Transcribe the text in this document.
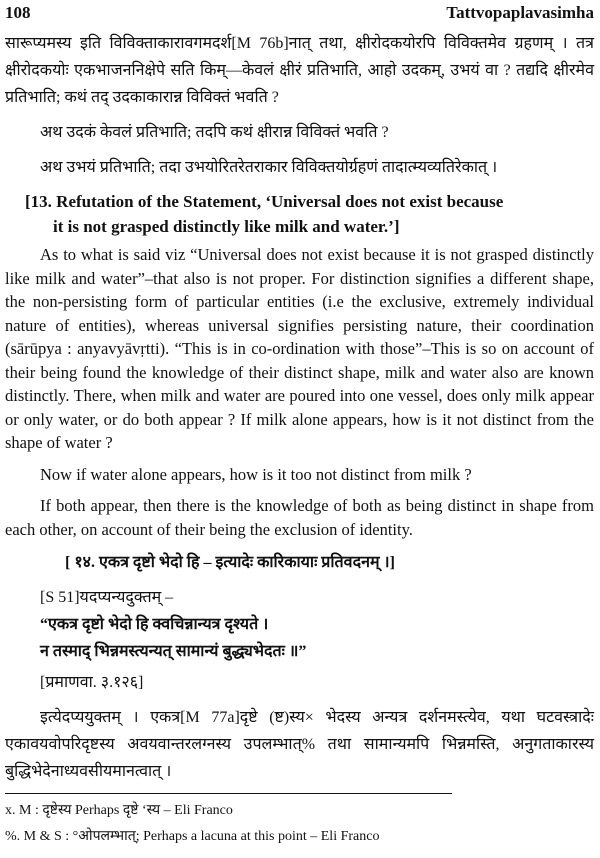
108	Tattvopaplavasimha
सारूप्यमस्य इति विविक्ताकारावगमदर्श[M 76b]नात् तथा, क्षीरोदकयोरपि विविक्तमेव ग्रहणम् । तत्र क्षीरोदकयोः एकभाजननिक्षेपे सति किम्—केवलं क्षीरं प्रतिभाति, आहो उदकम्, उभयं वा ? तद्यदि क्षीरमेव प्रतिभाति; कथं तद् उदकाकारान्न विविक्तं भवति ?
अथ उदकं केवलं प्रतिभाति; तदपि कथं क्षीरान्न विविक्तं भवति ?
अथ उभयं प्रतिभाति; तदा उभयोरितरेतराकार विविक्तयोर्ग्रहणं तादात्म्यव्यतिरेकात् ।
[13. Refutation of the Statement, ‘Universal does not exist because
it is not grasped distinctly like milk and water.’]
As to what is said viz “Universal does not exist because it is not grasped distinctly like milk and water”–that also is not proper. For distinction signifies a different shape, the non-persisting form of particular entities (i.e the exclusive, extremely individual nature of entities), whereas universal signifies persisting nature, their coordination (sārūpya : anyavyāvṛtti). “This is in co-ordination with those”–This is so on account of their being found the knowledge of their distinct shape, milk and water also are known distinctly. There, when milk and water are poured into one vessel, does only milk appear or only water, or do both appear ? If milk alone appears, how is it not distinct from the shape of water ?
Now if water alone appears, how is it too not distinct from milk ?
If both appear, then there is the knowledge of both as being distinct in shape from each other, on account of their being the exclusion of identity.
[ १४. एकत्र दृष्टो भेदो हि – इत्यादेः कारिकायाः प्रतिवदनम् ।]
[S 51]यदप्यन्यदुक्तम् –
“एकत्र दृष्टो भेदो हि क्वचिन्नान्यत्र दृश्यते ।
न तस्माद् भिन्नमस्त्यन्यत् सामान्यं बुद्ध्यभेदतः ॥”
[प्रमाणवा. ३.१२६]
इत्येदप्ययुक्तम् । एकत्र[M 77a]दृष्टे (ष्ट)स्य× भेदस्य अन्यत्र दर्शनमस्त्येव, यथा घटवस्त्रादेः एकावयवोपरिदृष्टस्य अवयवान्तरलग्नस्य उपलम्भात्% तथा सामान्यमपि भिन्नमस्ति, अनुगताकारस्य बुद्धिभेदेनाध्यवसीयमानत्वात् ।
x. M : दृष्टेस्य Perhaps दृष्टे ‘स्य – Eli Franco
%. M & S : °ओपलम्भात्; Perhaps a lacuna at this point – Eli Franco
